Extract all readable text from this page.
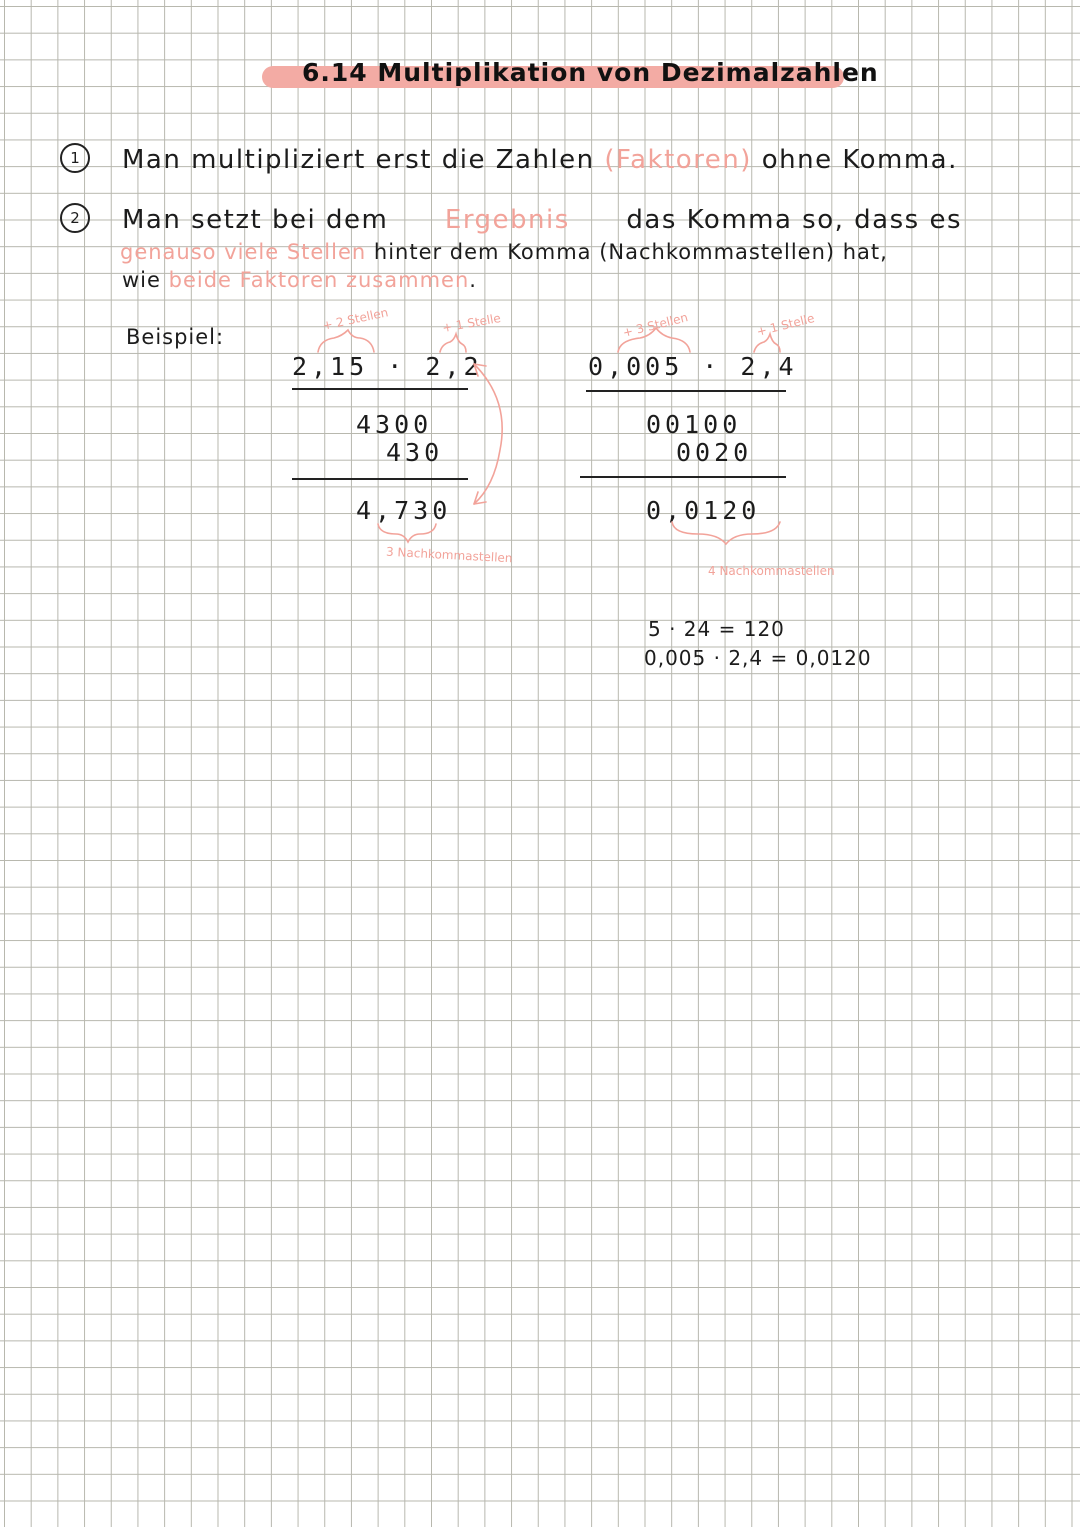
6.14 Multiplikation von Dezimalzahlen
1	Man multipliziert erst die Zahlen (Faktoren) ohne Komma.
2	Man setzt bei dem Ergebnis das Komma so, dass es
genauso viele Stellen hinter dem Komma (Nachkommastellen) hat,
wie beide Faktoren zusammen.
Beispiel:
+ 2 Stellen	+ 1 Stelle
2,15 · 2,2
4300
430
4,730
3 Nachkommastellen
+ 3 Stellen	+ 1 Stelle
0,005 · 2,4
00100
0020
0,0120
4 Nachkommastellen
5 · 24 = 120
0,005 · 2,4 = 0,0120
